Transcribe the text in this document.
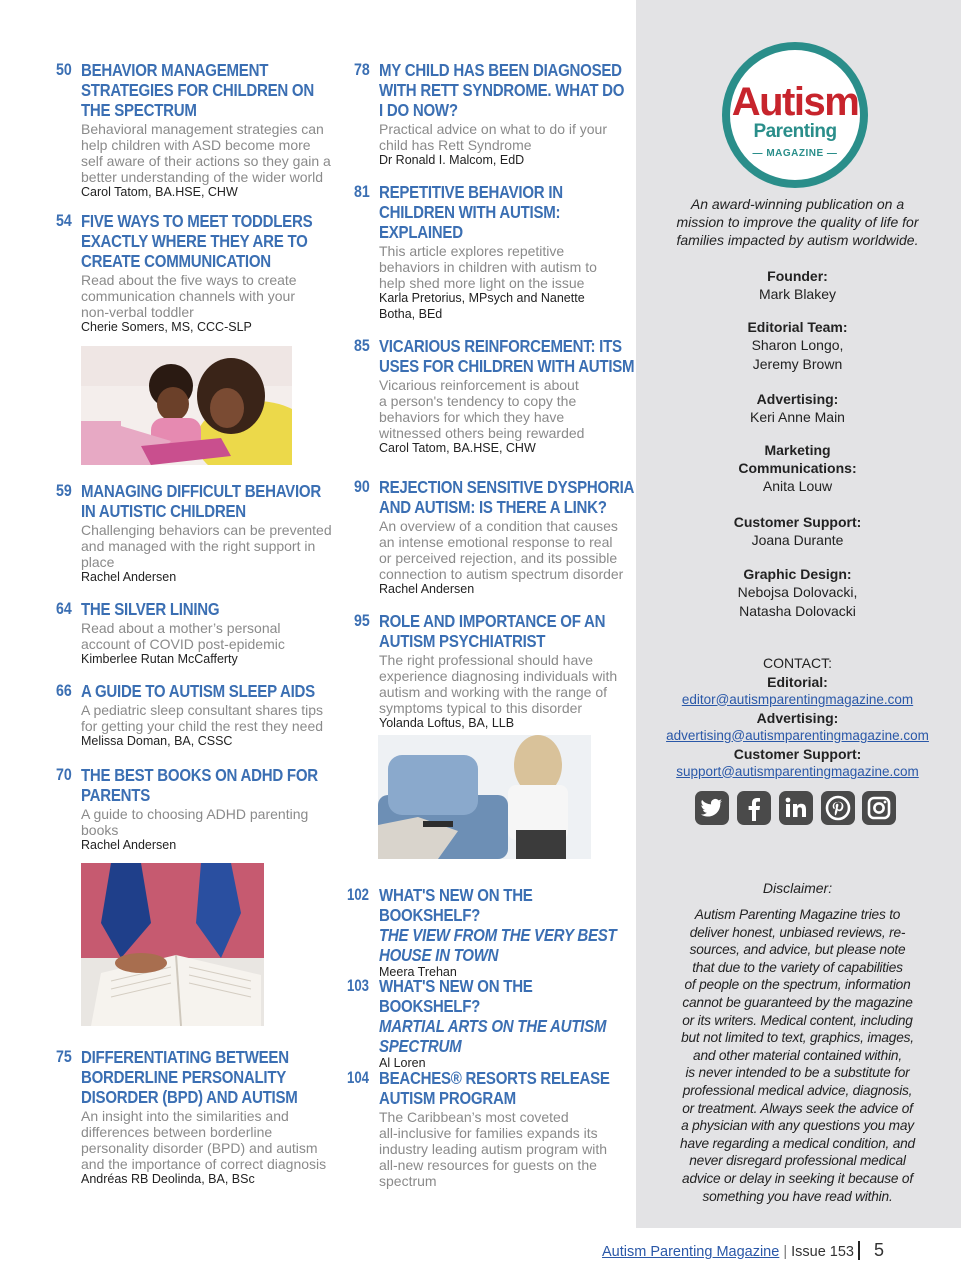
50 BEHAVIOR MANAGEMENT
STRATEGIES FOR CHILDREN ON
THE SPECTRUM
Behavioral management strategies can
help children with ASD become more
self aware of their actions so they gain a
better understanding of the wider world
Carol Tatom, BA.HSE, CHW
54 FIVE WAYS TO MEET TODDLERS
EXACTLY WHERE THEY ARE TO
CREATE COMMUNICATION
Read about the five ways to create
communication channels with your
non-verbal toddler
Cherie Somers, MS, CCC-SLP
59 MANAGING DIFFICULT BEHAVIOR
IN AUTISTIC CHILDREN
Challenging behaviors can be prevented
and managed with the right support in
place
Rachel Andersen
64 THE SILVER LINING
Read about a mother’s personal
account of COVID post-epidemic
Kimberlee Rutan McCafferty
66 A GUIDE TO AUTISM SLEEP AIDS
A pediatric sleep consultant shares tips
for getting your child the rest they need
Melissa Doman, BA, CSSC
70 THE BEST BOOKS ON ADHD FOR
PARENTS
A guide to choosing ADHD parenting
books
Rachel Andersen
75 DIFFERENTIATING BETWEEN
BORDERLINE PERSONALITY
DISORDER (BPD) AND AUTISM
An insight into the similarities and
differences between borderline
personality disorder (BPD) and autism
and the importance of correct diagnosis
Andréas RB Deolinda, BA, BSc
78 MY CHILD HAS BEEN DIAGNOSED
WITH RETT SYNDROME. WHAT DO
I DO NOW?
Practical advice on what to do if your
child has Rett Syndrome
Dr Ronald I. Malcom, EdD
81 REPETITIVE BEHAVIOR IN
CHILDREN WITH AUTISM:
EXPLAINED
This article explores repetitive
behaviors in children with autism to
help shed more light on the issue
Karla Pretorius, MPsych and Nanette
Botha, BEd
85 VICARIOUS REINFORCEMENT: ITS
USES FOR CHILDREN WITH AUTISM
Vicarious reinforcement is about
a person's tendency to copy the
behaviors for which they have
witnessed others being rewarded
Carol Tatom, BA.HSE, CHW
90 REJECTION SENSITIVE DYSPHORIA
AND AUTISM: IS THERE A LINK?
An overview of a condition that causes
an intense emotional response to real
or perceived rejection, and its possible
connection to autism spectrum disorder
Rachel Andersen
95 ROLE AND IMPORTANCE OF AN
AUTISM PSYCHIATRIST
The right professional should have
experience diagnosing individuals with
autism and working with the range of
symptoms typical to this disorder
Yolanda Loftus, BA, LLB
102 WHAT'S NEW ON THE BOOKSHELF?
THE VIEW FROM THE VERY BEST
HOUSE IN TOWN
Meera Trehan
103 WHAT'S NEW ON THE BOOKSHELF?
MARTIAL ARTS ON THE AUTISM
SPECTRUM
Al Loren
104 BEACHES® RESORTS RELEASE
AUTISM PROGRAM
The Caribbean’s most coveted
all-inclusive for families expands its
industry leading autism program with
all-new resources for guests on the
spectrum
Autism
Parenting
— MAGAZINE —
An award-winning publication on a
mission to improve the quality of life for
families impacted by autism worldwide.
Founder:
Mark Blakey
Editorial Team:
Sharon Longo,
Jeremy Brown
Advertising:
Keri Anne Main
Marketing
Communications:
Anita Louw
Customer Support:
Joana Durante
Graphic Design:
Nebojsa Dolovacki,
Natasha Dolovacki
CONTACT:
Editorial:
editor@autismparentingmagazine.com
Advertising:
advertising@autismparentingmagazine.com
Customer Support:
support@autismparentingmagazine.com
Disclaimer:
Autism Parenting Magazine tries to
deliver honest, unbiased reviews, re-
sources, and advice, but please note
that due to the variety of capabilities
of people on the spectrum, information
cannot be guaranteed by the magazine
or its writers. Medical content, including
but not limited to text, graphics, images,
and other material contained within,
is never intended to be a substitute for
professional medical advice, diagnosis,
or treatment. Always seek the advice of
a physician with any questions you may
have regarding a medical condition, and
never disregard professional medical
advice or delay in seeking it because of
something you have read within.
Autism Parenting Magazine | Issue 153 5
